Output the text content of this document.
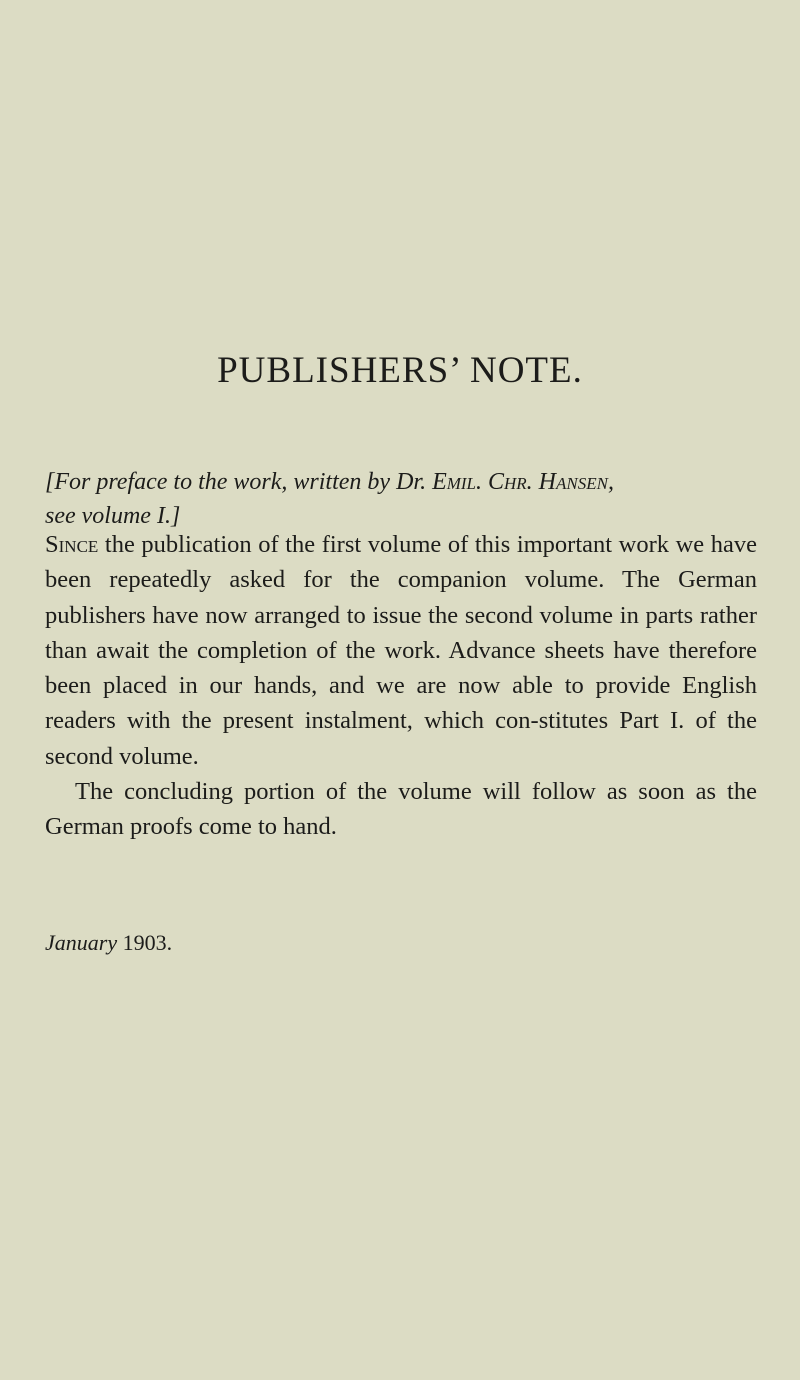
PUBLISHERS’ NOTE.

[For preface to the work, written by Dr. Emil. Chr. Hansen,
see volume I.]

Since the publication of the first volume of this important work we have been repeatedly asked for the companion volume. The German publishers have now arranged to issue the second volume in parts rather than await the completion of the work. Advance sheets have therefore been placed in our hands, and we are now able to provide English readers with the present instalment, which con-stitutes Part I. of the second volume.

The concluding portion of the volume will follow as soon as the German proofs come to hand.

January 1903.
